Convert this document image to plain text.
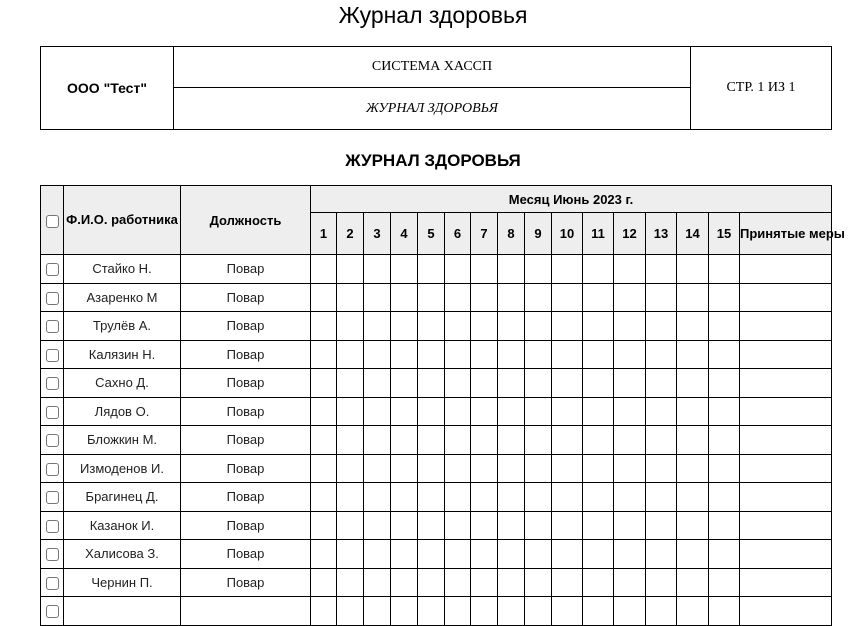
Журнал здоровья
ООО "Тест"	СИСТЕМА ХАССП	СТР. 1 ИЗ 1
ЖУРНАЛ ЗДОРОВЬЯ
ЖУРНАЛ ЗДОРОВЬЯ
	Ф.И.О. работника	Должность	Месяц Июнь 2023 г.															
			1	2	3	4	5	6	7	8	9	10	11	12	13	14	15	Принятые меры
	Стайко Н.	Повар																
	Азаренко М	Повар																
	Трулёв А.	Повар																
	Калязин Н.	Повар																
	Сахно Д.	Повар																
	Лядов О.	Повар																
	Бложкин М.	Повар																
	Измоденов И.	Повар																
	Брагинец Д.	Повар																
	Казанок И.	Повар																
	Халисова З.	Повар																
	Чернин П.	Повар																
